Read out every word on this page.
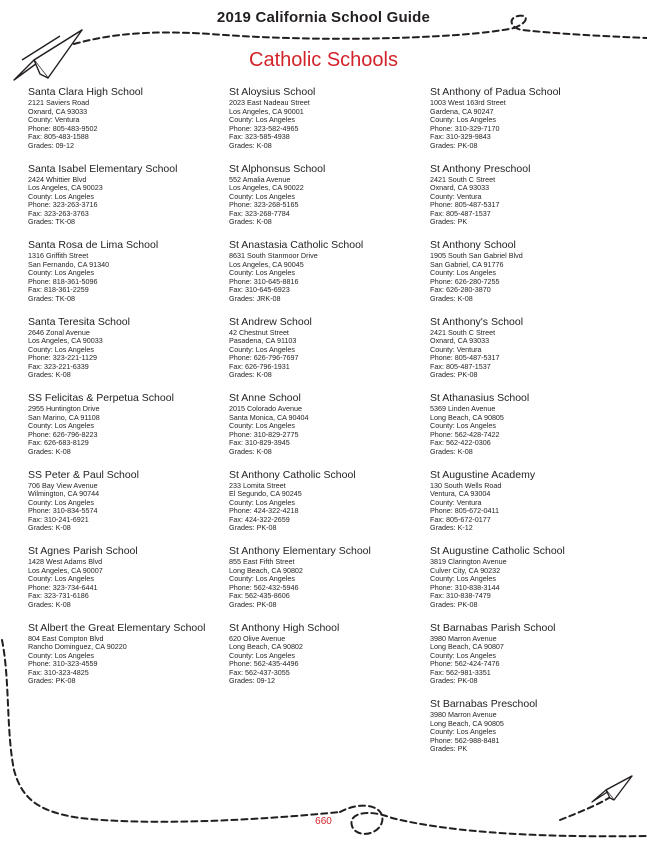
2019 California School Guide
Catholic Schools
Santa Clara High School
2121 Saviers Road
Oxnard, CA 93033
County: Ventura
Phone: 805-483-9502
Fax: 805-483-1588
Grades: 09-12
Santa Isabel Elementary School
2424 Whittier Blvd
Los Angeles, CA 90023
County: Los Angeles
Phone: 323-263-3716
Fax: 323-263-3763
Grades: TK-08
Santa Rosa de Lima School
1316 Griffith Street
San Fernando, CA 91340
County: Los Angeles
Phone: 818-361-5096
Fax: 818-361-2259
Grades: TK-08
Santa Teresita School
2646 Zonal Avenue
Los Angeles, CA 90033
County: Los Angeles
Phone: 323-221-1129
Fax: 323-221-6339
Grades: K-08
SS Felicitas & Perpetua School
2955 Huntington Drive
San Marino, CA 91108
County: Los Angeles
Phone: 626-796-8223
Fax: 626-683-8129
Grades: K-08
SS Peter & Paul School
706 Bay View Avenue
Wilmington, CA 90744
County: Los Angeles
Phone: 310-834-5574
Fax: 310-241-6921
Grades: K-08
St Agnes Parish School
1428 West Adams Blvd
Los Angeles, CA 90007
County: Los Angeles
Phone: 323-734-6441
Fax: 323-731-6186
Grades: K-08
St Albert the Great Elementary School
804 East Compton Blvd
Rancho Dominguez, CA 90220
County: Los Angeles
Phone: 310-323-4559
Fax: 310-323-4825
Grades: PK-08
St Aloysius School
2023 East Nadeau Street
Los Angeles, CA 90001
County: Los Angeles
Phone: 323-582-4965
Fax: 323-585-4938
Grades: K-08
St Alphonsus School
552 Amalia Avenue
Los Angeles, CA 90022
County: Los Angeles
Phone: 323-268-5165
Fax: 323-268-7784
Grades: K-08
St Anastasia Catholic School
8631 South Stanmoor Drive
Los Angeles, CA 90045
County: Los Angeles
Phone: 310-645-8816
Fax: 310-645-6923
Grades: JRK-08
St Andrew School
42 Chestnut Street
Pasadena, CA 91103
County: Los Angeles
Phone: 626-796-7697
Fax: 626-796-1931
Grades: K-08
St Anne School
2015 Colorado Avenue
Santa Monica, CA 90404
County: Los Angeles
Phone: 310-829-2775
Fax: 310-829-3945
Grades: K-08
St Anthony Catholic School
233 Lomita Street
El Segundo, CA 90245
County: Los Angeles
Phone: 424-322-4218
Fax: 424-322-2659
Grades: PK-08
St Anthony Elementary School
855 East Fifth Street
Long Beach, CA 90802
County: Los Angeles
Phone: 562-432-5946
Fax: 562-435-8606
Grades: PK-08
St Anthony High School
620 Olive Avenue
Long Beach, CA 90802
County: Los Angeles
Phone: 562-435-4496
Fax: 562-437-3055
Grades: 09-12
St Anthony of Padua School
1003 West 163rd Street
Gardena, CA 90247
County: Los Angeles
Phone: 310-329-7170
Fax: 310-329-9843
Grades: PK-08
St Anthony Preschool
2421 South C Street
Oxnard, CA 93033
County: Ventura
Phone: 805-487-5317
Fax: 805-487-1537
Grades: PK
St Anthony School
1905 South San Gabriel Blvd
San Gabriel, CA 91776
County: Los Angeles
Phone: 626-280-7255
Fax: 626-280-3870
Grades: K-08
St Anthony's School
2421 South C Street
Oxnard, CA 93033
County: Ventura
Phone: 805-487-5317
Fax: 805-487-1537
Grades: PK-08
St Athanasius School
5369 Linden Avenue
Long Beach, CA 90805
County: Los Angeles
Phone: 562-428-7422
Fax: 562-422-0306
Grades: K-08
St Augustine Academy
130 South Wells Road
Ventura, CA 93004
County: Ventura
Phone: 805-672-0411
Fax: 805-672-0177
Grades: K-12
St Augustine Catholic School
3819 Clarington Avenue
Culver City, CA 90232
County: Los Angeles
Phone: 310-838-3144
Fax: 310-838-7479
Grades: PK-08
St Barnabas Parish School
3980 Marron Avenue
Long Beach, CA 90807
County: Los Angeles
Phone: 562-424-7476
Fax: 562-981-3351
Grades: PK-08
St Barnabas Preschool
3980 Marron Avenue
Long Beach, CA 90805
County: Los Angeles
Phone: 562-988-8481
Grades: PK
660
